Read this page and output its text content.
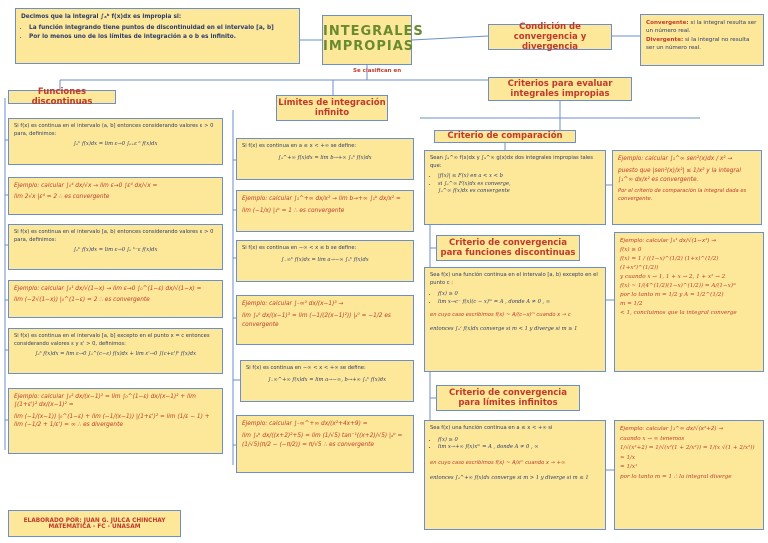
Decimos que la integral ∫ₐᵇ f(x)dx es impropia si:
• La función integrando tiene puntos de discontinuidad en el intervalo [a, b]
• Por lo menos uno de los límites de integración a o b es infinito.	INTEGRALES
IMPROPIAS
Se clasifican en
Condición de convergencia y divergencia
Convergente: si la integral resulta ser un número real.
Divergente: si la integral no resulta ser un número real.
Funciones discontinuas
Si f(x) es continua en el intervalo ⟨a, b] entonces considerando valores ε > 0 para, definimos:
∫ₐᵇ f(x)dx = lim ε→0 ∫ₐ₊ε ᵇ f(x)dx
Ejemplo: calcular ∫₀⁴ dx/√x → lim ε→0 ∫ε⁴ dx/√x =
lim 2√x |ε⁴ = 2 ∴ es convergente
Si f(x) es continua en el intervalo [a, b⟩ entonces considerando valores ε > 0 para, definimos:
∫ₐᵇ f(x)dx = lim ε→0 ∫ₐ ᵇ⁻ε f(x)dx
Ejemplo: calcular ∫₀¹ dx/√(1−x) → lim ε→0 ∫₀^(1−ε) dx/√(1−x) =
lim (−2√(1−x)) |₀^(1−ε) = 2 ∴ es convergente
Si f(x) es continua en el intervalo [a, b] excepto en el punto x = c entonces considerando valores ε y ε' > 0, definimos:
∫ₐᵇ f(x)dx = lim ε→0 ∫ₐ^(c−ε) f(x)dx + lim ε'→0 ∫(c+ε')ᵇ f(x)dx
Ejemplo: calcular ∫₀² dx/(x−1)² = lim ∫₀^(1−ε) dx/(x−1)² + lim ∫(1+ε')² dx/(x−1)² =
lim (−1/(x−1)) |₀^(1−ε) + lim (−1/(x−1)) |(1+ε')² = lim (1/ε − 1) + lim (−1/2 + 1/ε') = ∞ ∴ es divergente
Límites de integración infinito
Si f(x) es continua en a ≤ x < +∞ se define:
∫ₐ^+∞ f(x)dx = lim b→+∞ ∫ₐᵇ f(x)dx
Ejemplo: calcular ∫₁^+∞ dx/x² → lim b→+∞ ∫₁ᵇ dx/x² =
lim (−1/x) |₁ᵇ = 1 ∴ es convergente
Si f(x) es continua en −∞ < x ≤ b se define:
∫₋∞ᵇ f(x)dx = lim a→−∞ ∫ₐᵇ f(x)dx
Ejemplo: calcular ∫₋∞⁰ dx/(x−1)³ →
lim ∫ₐ⁰ dx/(x−1)³ = lim (−1/(2(x−1)²)) |ₐ⁰ = −1/2 es convergente
Si f(x) es continua en −∞ < x < +∞ se define:
∫₋∞^+∞ f(x)dx = lim a→−∞, b→+∞ ∫ₐᵇ f(x)dx
Ejemplo: calcular ∫₋∞^+∞ dx/(x²+4x+9) =
lim ∫ₐᵇ dx/((x+2)²+5) = lim (1/√5) tan⁻¹((x+2)/√5) |ₐᵇ = (1/√5)(π/2 − (−π/2)) = π/√5 ∴ es convergente
Criterios para evaluar integrales impropias
Criterio de comparación
Sean ∫ₐ^∞ f(x)dx y ∫ₐ^∞ g(x)dx dos integrales impropias tales que:
• |f(x)| ≤ F(x) en a < x < b
• si ∫ₐ^∞ F(x)dx es converge,
∫ₐ^∞ f(x)dx es convergente
Ejemplo: calcular ∫₁^∞ sen²(x)dx / x² →
puesto que |sen²(x)/x²| ≤ 1/x² y la integral ∫₁^∞ dx/x² es convergente.
Por el criterio de comparación la integral dada es convergente.
Criterio de convergencia para funciones discontinuas
Sea f(x) una función continua en el intervalo [a, b⟩ excepto en el punto c :
• f(x) ≥ 0
• lim x→c⁻ f(x)(c − x)ᵐ = A , donde A ≠ 0 , ∞
en cuyo caso escribimos f(x) ~ A/(c−x)ᵐ cuando x → c
entonces ∫ₐᶜ f(x)dx converge si m < 1 y diverge si m ≥ 1
Ejemplo: calcular ∫₀¹ dx/√(1−x⁴) →
f(x) ≥ 0
f(x) = 1 / ((1−x)^(1/2) (1+x)^(1/2) (1+x²)^(1/2))
y cuando x → 1, 1 + x → 2, 1 + x² → 2
f(x) ~ 1/(4^(1/2)(1−x)^(1/2)) = A/(1−x)ᵐ
por lo tanto m = 1/2 y A = 1/2^(1/2)
m = 1/2
< 1, concluimos que la integral converge
Criterio de convergencia para límites infinitos
Sea f(x) una función continua en a ≤ x < +∞ si
• f(x) ≥ 0
• lim x→+∞ f(x)xᵐ = A , donde A ≠ 0 , ∞
en cuyo caso escribimos f(x) ~ A/xᵐ cuando x → +∞
entonces ∫ₐ^+∞ f(x)dx converge si m > 1 y diverge si m ≤ 1
Ejemplo: calcular ∫₁^∞ dx/√(x²+2) →
cuando x → ∞ tenemos
1/√(x²+2) = 1/√(x²(1 + 2/x²)) = 1/(x √(1 + 2/x²)) ≈ 1/x
= 1/x¹
por lo tanto m = 1 ∴ la integral diverge
ELABORADO POR: JUAN G. JULCA CHINCHAY
MATEMATICA - FC - UNASAM
